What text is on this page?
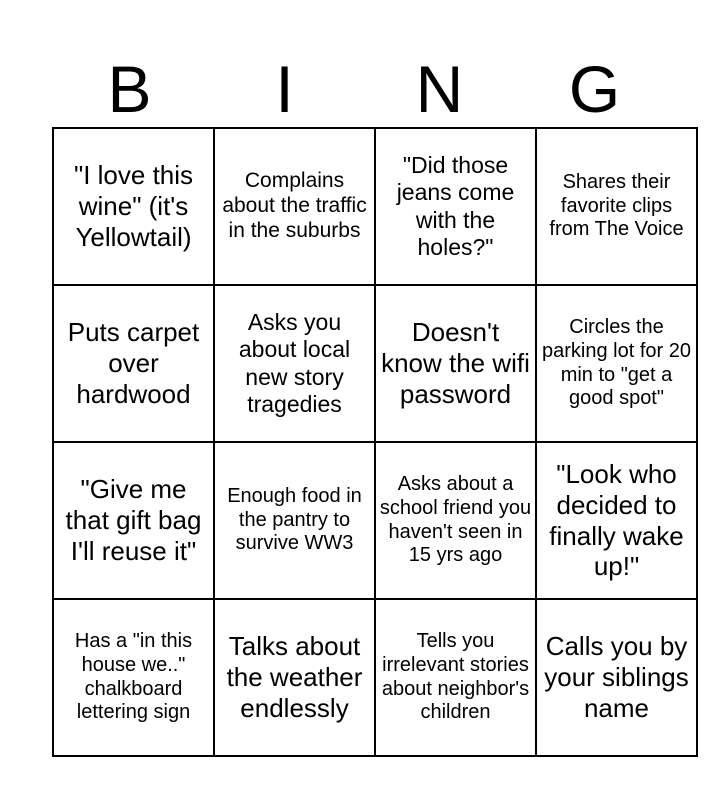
B	I	N	G
"I love this wine" (it's Yellowtail)	Complains about the traffic in the suburbs	"Did those jeans come with the holes?"	Shares their favorite clips from The Voice
Puts carpet over hardwood	Asks you about local new story tragedies	Doesn't know the wifi password	Circles the parking lot for 20 min to "get a good spot"
"Give me that gift bag I'll reuse it"	Enough food in the pantry to survive WW3	Asks about a school friend you haven't seen in 15 yrs ago	"Look who decided to finally wake up!"
Has a "in this house we.." chalkboard lettering sign	Talks about the weather endlessly	Tells you irrelevant stories about neighbor's children	Calls you by your siblings name
